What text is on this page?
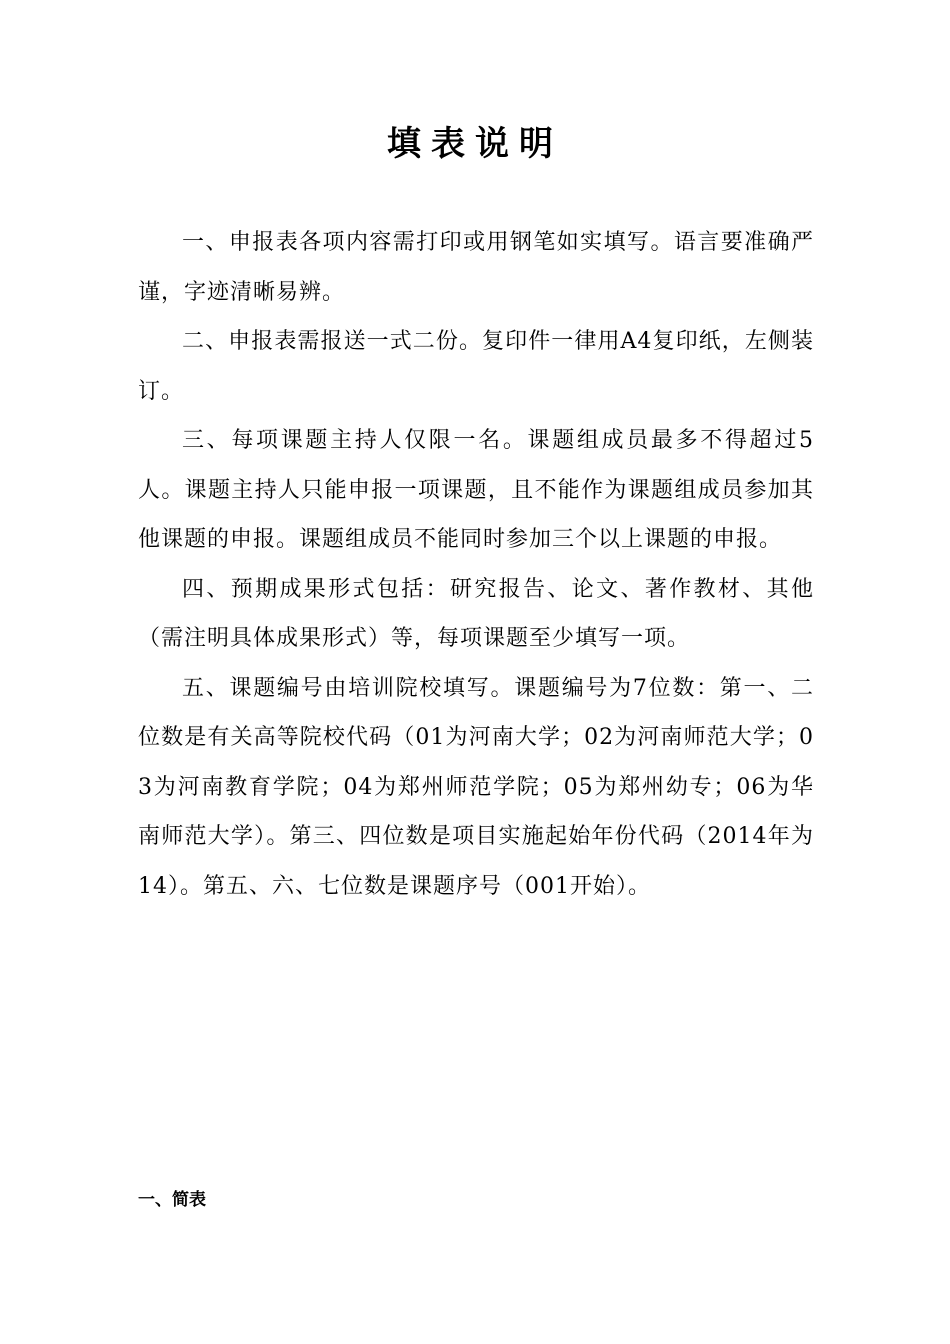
填表说明

一、申报表各项内容需打印或用钢笔如实填写。语言要准确严谨，字迹清晰易辨。

二、申报表需报送一式二份。复印件一律用A4复印纸，左侧装订。

三、每项课题主持人仅限一名。课题组成员最多不得超过5人。课题主持人只能申报一项课题，且不能作为课题组成员参加其他课题的申报。课题组成员不能同时参加三个以上课题的申报。

四、预期成果形式包括：研究报告、论文、著作教材、其他（需注明具体成果形式）等，每项课题至少填写一项。

五、课题编号由培训院校填写。课题编号为7位数：第一、二位数是有关高等院校代码（01为河南大学；02为河南师范大学；03为河南教育学院；04为郑州师范学院；05为郑州幼专；06为华南师范大学）。第三、四位数是项目实施起始年份代码（2014年为14）。第五、六、七位数是课题序号（001开始）。

一、简表
